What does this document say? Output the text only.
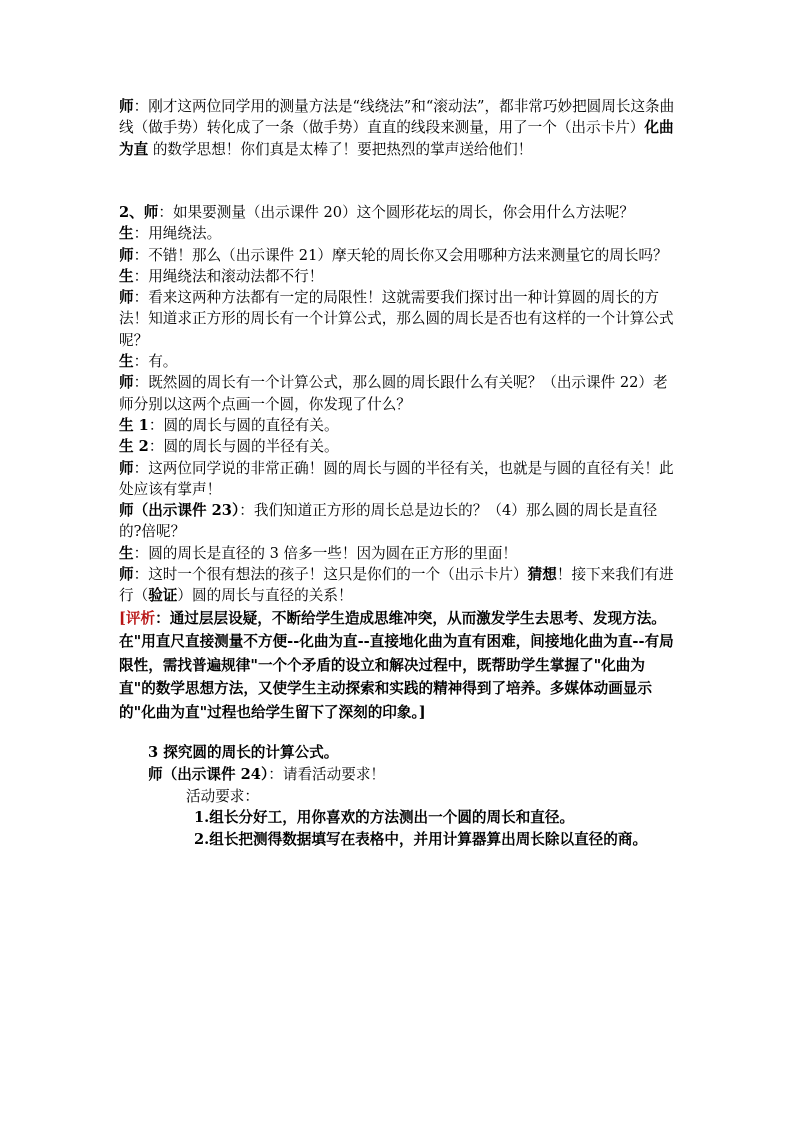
师：刚才这两位同学用的测量方法是“线绕法”和“滚动法”，都非常巧妙把圆周长这条曲线（做手势）转化成了一条（做手势）直直的线段来测量，用了一个（出示卡片）化曲为直 的数学思想！你们真是太棒了！要把热烈的掌声送给他们！

2、师：如果要测量（出示课件 20）这个圆形花坛的周长，你会用什么方法呢？

生：用绳绕法。

师：不错！那么（出示课件 21）摩天轮的周长你又会用哪种方法来测量它的周长吗？

生：用绳绕法和滚动法都不行！

师：看来这两种方法都有一定的局限性！这就需要我们探讨出一种计算圆的周长的方法！知道求正方形的周长有一个计算公式，那么圆的周长是否也有这样的一个计算公式呢？

生：有。

师：既然圆的周长有一个计算公式，那么圆的周长跟什么有关呢？（出示课件 22）老师分别以这两个点画一个圆，你发现了什么？

生 1：圆的周长与圆的直径有关。

生 2：圆的周长与圆的半径有关。

师：这两位同学说的非常正确！圆的周长与圆的半径有关，也就是与圆的直径有关！此处应该有掌声！

师（出示课件 23）：我们知道正方形的周长总是边长的？（4）那么圆的周长是直径的?倍呢？

生：圆的周长是直径的 3 倍多一些！因为圆在正方形的里面！

师：这时一个很有想法的孩子！这只是你们的一个（出示卡片）猜想！接下来我们有进行（验证）圆的周长与直径的关系！

[评析：通过层层设疑，不断给学生造成思维冲突，从而激发学生去思考、发现方法。在"用直尺直接测量不方便--化曲为直--直接地化曲为直有困难，间接地化曲为直--有局限性，需找普遍规律"一个个矛盾的设立和解决过程中，既帮助学生掌握了"化曲为直"的数学思想方法，又使学生主动探索和实践的精神得到了培养。多媒体动画显示的"化曲为直"过程也给学生留下了深刻的印象。]

3 探究圆的周长的计算公式。

师（出示课件 24）：请看活动要求！

活动要求：

1.组长分好工，用你喜欢的方法测出一个圆的周长和直径。

2.组长把测得数据填写在表格中，并用计算器算出周长除以直径的商。
